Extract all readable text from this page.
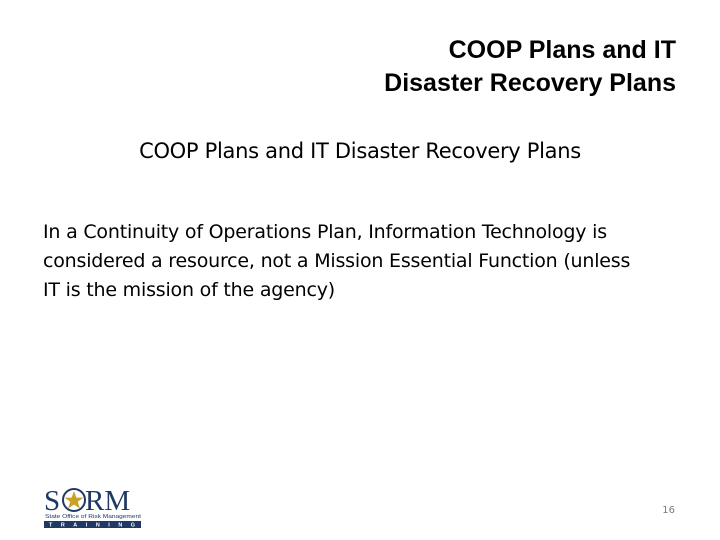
COOP Plans and IT
Disaster Recovery Plans
COOP Plans and IT Disaster Recovery Plans
In a Continuity of Operations Plan, Information Technology is considered a resource, not a Mission Essential Function (unless IT is the mission of the agency)
S RM
State Office of Risk Management
TRAINING
16
